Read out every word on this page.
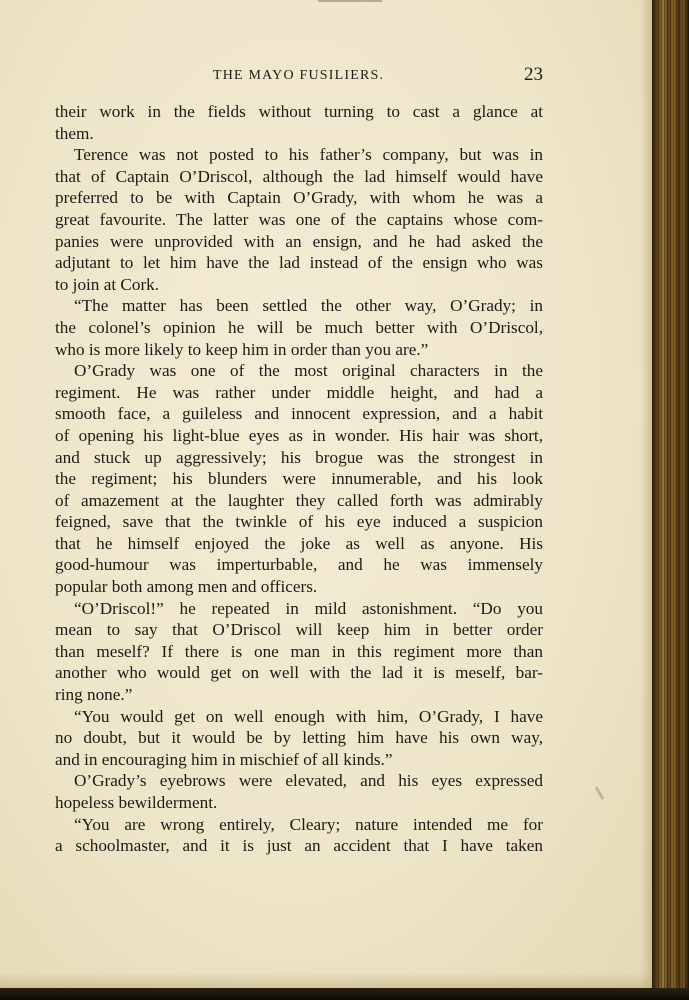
THE MAYO FUSILIERS.	23
their work in the fields without turning to cast a glance at
them.
Terence was not posted to his father’s company, but was in
that of Captain O’Driscol, although the lad himself would have
preferred to be with Captain O’Grady, with whom he was a
great favourite. The latter was one of the captains whose com-
panies were unprovided with an ensign, and he had asked the
adjutant to let him have the lad instead of the ensign who was
to join at Cork.
“The matter has been settled the other way, O’Grady; in
the colonel’s opinion he will be much better with O’Driscol,
who is more likely to keep him in order than you are.”
O’Grady was one of the most original characters in the
regiment. He was rather under middle height, and had a
smooth face, a guileless and innocent expression, and a habit
of opening his light-blue eyes as in wonder. His hair was short,
and stuck up aggressively; his brogue was the strongest in
the regiment; his blunders were innumerable, and his look
of amazement at the laughter they called forth was admirably
feigned, save that the twinkle of his eye induced a suspicion
that he himself enjoyed the joke as well as anyone. His
good-humour was imperturbable, and he was immensely
popular both among men and officers.
“O’Driscol!” he repeated in mild astonishment. “Do you
mean to say that O’Driscol will keep him in better order
than meself? If there is one man in this regiment more than
another who would get on well with the lad it is meself, bar-
ring none.”
“You would get on well enough with him, O’Grady, I have
no doubt, but it would be by letting him have his own way,
and in encouraging him in mischief of all kinds.”
O’Grady’s eyebrows were elevated, and his eyes expressed
hopeless bewilderment.
“You are wrong entirely, Cleary; nature intended me for
a schoolmaster, and it is just an accident that I have taken
